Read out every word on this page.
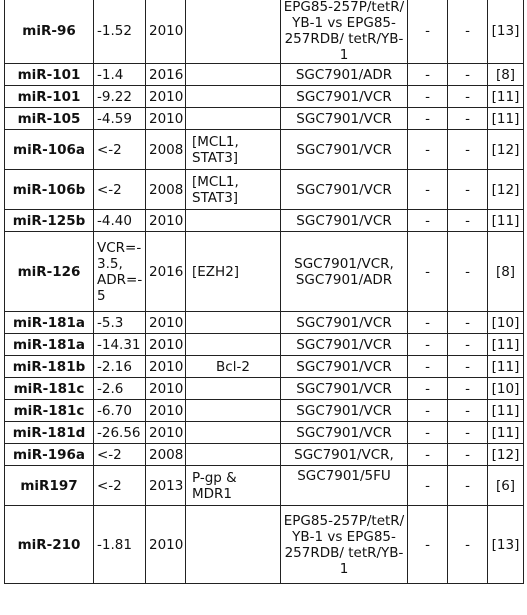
miR-96	-1.52	2010		EPG85-257P/tetR/ YB-1 vs EPG85-257RDB/ tetR/YB-1	-	-	[13]
miR-101	-1.4	2016		SGC7901/ADR	-	-	[8]
miR-101	-9.22	2010		SGC7901/VCR	-	-	[11]
miR-105	-4.59	2010		SGC7901/VCR	-	-	[11]
miR-106a	<-2	2008	[MCL1, STAT3]	SGC7901/VCR	-	-	[12]
miR-106b	<-2	2008	[MCL1, STAT3]	SGC7901/VCR	-	-	[12]
miR-125b	-4.40	2010		SGC7901/VCR	-	-	[11]
miR-126	VCR=- 3.5, ADR=- 5	2016	[EZH2]	SGC7901/VCR, SGC7901/ADR	-	-	[8]
miR-181a	-5.3	2010		SGC7901/VCR	-	-	[10]
miR-181a	-14.31	2010		SGC7901/VCR	-	-	[11]
miR-181b	-2.16	2010	Bcl-2	SGC7901/VCR	-	-	[11]
miR-181c	-2.6	2010		SGC7901/VCR	-	-	[10]
miR-181c	-6.70	2010		SGC7901/VCR	-	-	[11]
miR-181d	-26.56	2010		SGC7901/VCR	-	-	[11]
miR-196a	<-2	2008		SGC7901/VCR,	-	-	[12]
miR197	<-2	2013	P-gp & MDR1	SGC7901/5FU	-	-	[6]
miR-210	-1.81	2010		EPG85-257P/tetR/ YB-1 vs EPG85-257RDB/ tetR/YB-1	-	-	[13]
